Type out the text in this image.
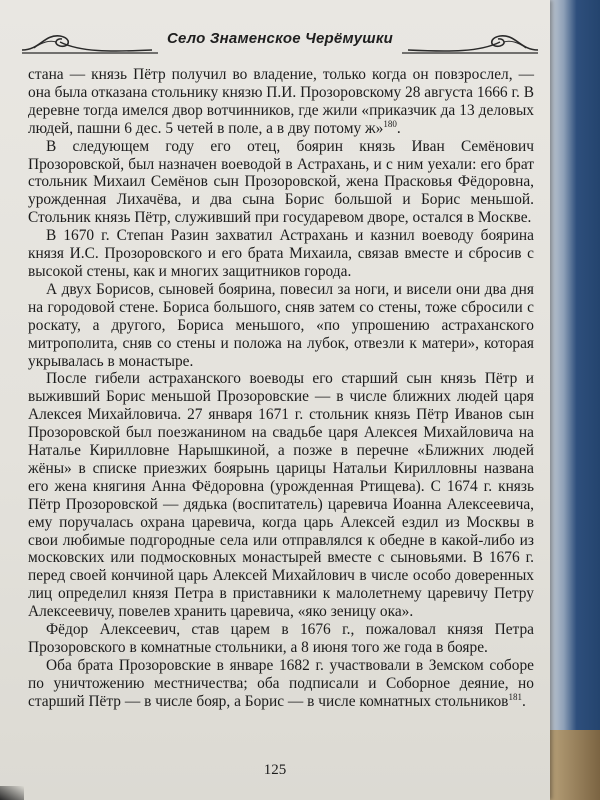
Село Знаменское Черёмушки

стана — князь Пётр получил во владение, только когда он повзрослел, — она была отказана стольнику князю П.И. Прозоровскому 28 августа 1666 г. В деревне тогда имелся двор вотчинников, где жили «приказчик да 13 деловых людей, пашни 6 дес. 5 четей в поле, а в дву потому ж»$^{180}$.

В следующем году его отец, боярин князь Иван Семёнович Прозоровской, был назначен воеводой в Астрахань, и с ним уехали: его брат стольник Михаил Семёнов сын Прозоровской, жена Прасковья Фёдоровна, урожденная Лихачёва, и два сына Борис большой и Борис меньшой. Стольник князь Пётр, служивший при государевом дворе, остался в Москве.

В 1670 г. Степан Разин захватил Астрахань и казнил воеводу боярина князя И.С. Прозоровского и его брата Михаила, связав вместе и сбросив с высокой стены, как и многих защитников города.

А двух Борисов, сыновей боярина, повесил за ноги, и висели они два дня на городовой стене. Бориса большого, сняв затем со стены, тоже сбросили с роскату, а другого, Бориса меньшого, «по упрошению астраханского митрополита, сняв со стены и положа на лубок, отвезли к матери», которая укрывалась в монастыре.

После гибели астраханского воеводы его старший сын князь Пётр и выживший Борис меньшой Прозоровские — в числе ближних людей царя Алексея Михайловича. 27 января 1671 г. стольник князь Пётр Иванов сын Прозоровской был поезжанином на свадьбе царя Алексея Михайловича на Наталье Кирилловне Нарышкиной, а позже в перечне «Ближних людей жёны» в списке приезжих боярынь царицы Натальи Кирилловны названа его жена княгиня Анна Фёдоровна (урожденная Ртищева). С 1674 г. князь Пётр Прозоровской — дядька (воспитатель) царевича Иоанна Алексеевича, ему поручалась охрана царевича, когда царь Алексей ездил из Москвы в свои любимые подгородные села или отправлялся к обедне в какой-либо из московских или подмосковных монастырей вместе с сыновьями. В 1676 г. перед своей кончиной царь Алексей Михайлович в числе особо доверенных лиц определил князя Петра в приставники к малолетнему царевичу Петру Алексеевичу, повелев хранить царевича, «яко зеницу ока».

Фёдор Алексеевич, став царем в 1676 г., пожаловал князя Петра Прозоровского в комнатные стольники, а 8 июня того же года в бояре.

Оба брата Прозоровские в январе 1682 г. участвовали в Земском соборе по уничтожению местничества; оба подписали и Соборное деяние, но старший Пётр — в числе бояр, а Борис — в числе комнатных стольников$^{181}$.

125
